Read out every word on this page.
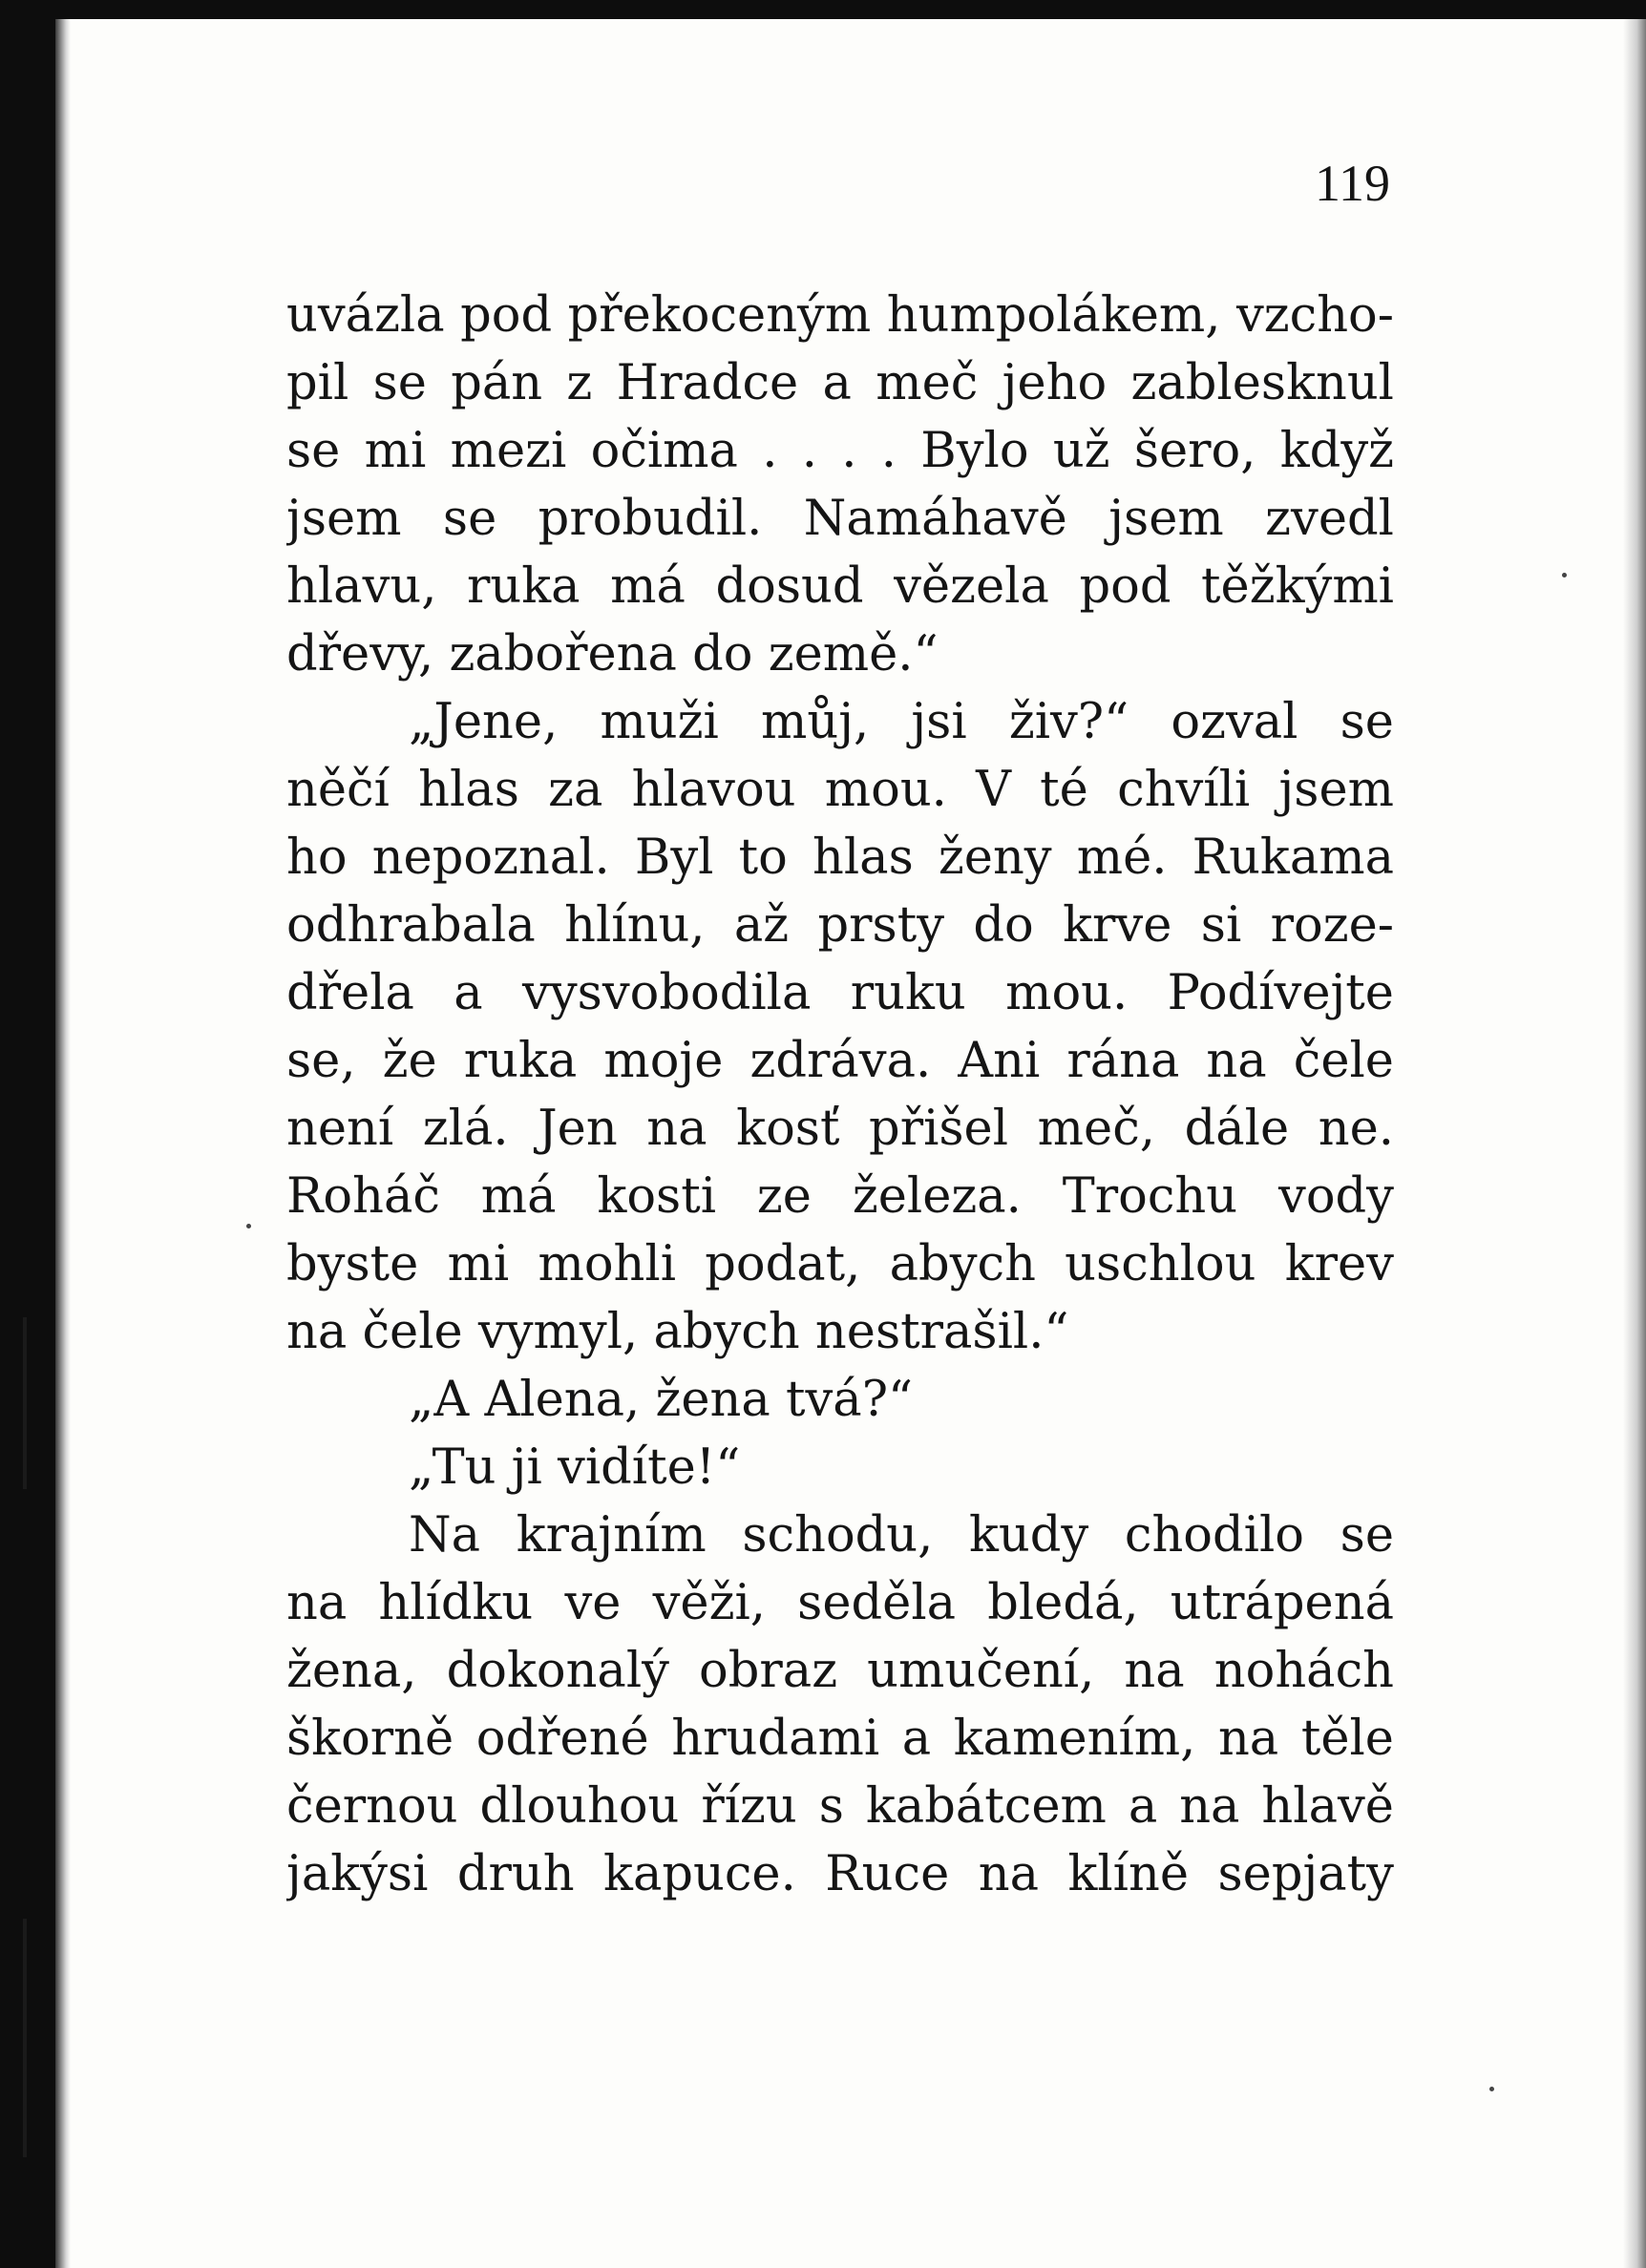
119
uvázla pod překoceným humpolákem, vzcho-
pil se pán z Hradce a meč jeho zablesknul
se mi mezi očima . . . . Bylo už šero, když
jsem se probudil. Namáhavě jsem zvedl
hlavu, ruka má dosud vězela pod těžkými
dřevy, zabořena do země.“
„Jene, muži můj, jsi živ?“ ozval se
něčí hlas za hlavou mou. V té chvíli jsem
ho nepoznal. Byl to hlas ženy mé. Rukama
odhrabala hlínu, až prsty do krve si roze-
dřela a vysvobodila ruku mou. Podívejte
se, že ruka moje zdráva. Ani rána na čele
není zlá. Jen na kosť přišel meč, dále ne.
Roháč má kosti ze železa. Trochu vody
byste mi mohli podat, abych uschlou krev
na čele vymyl, abych nestrašil.“
„A Alena, žena tvá?“
„Tu ji vidíte!“
Na krajním schodu, kudy chodilo se
na hlídku ve věži, seděla bledá, utrápená
žena, dokonalý obraz umučení, na nohách
škorně odřené hrudami a kamením, na těle
černou dlouhou řízu s kabátcem a na hlavě
jakýsi druh kapuce. Ruce na klíně sepjaty
